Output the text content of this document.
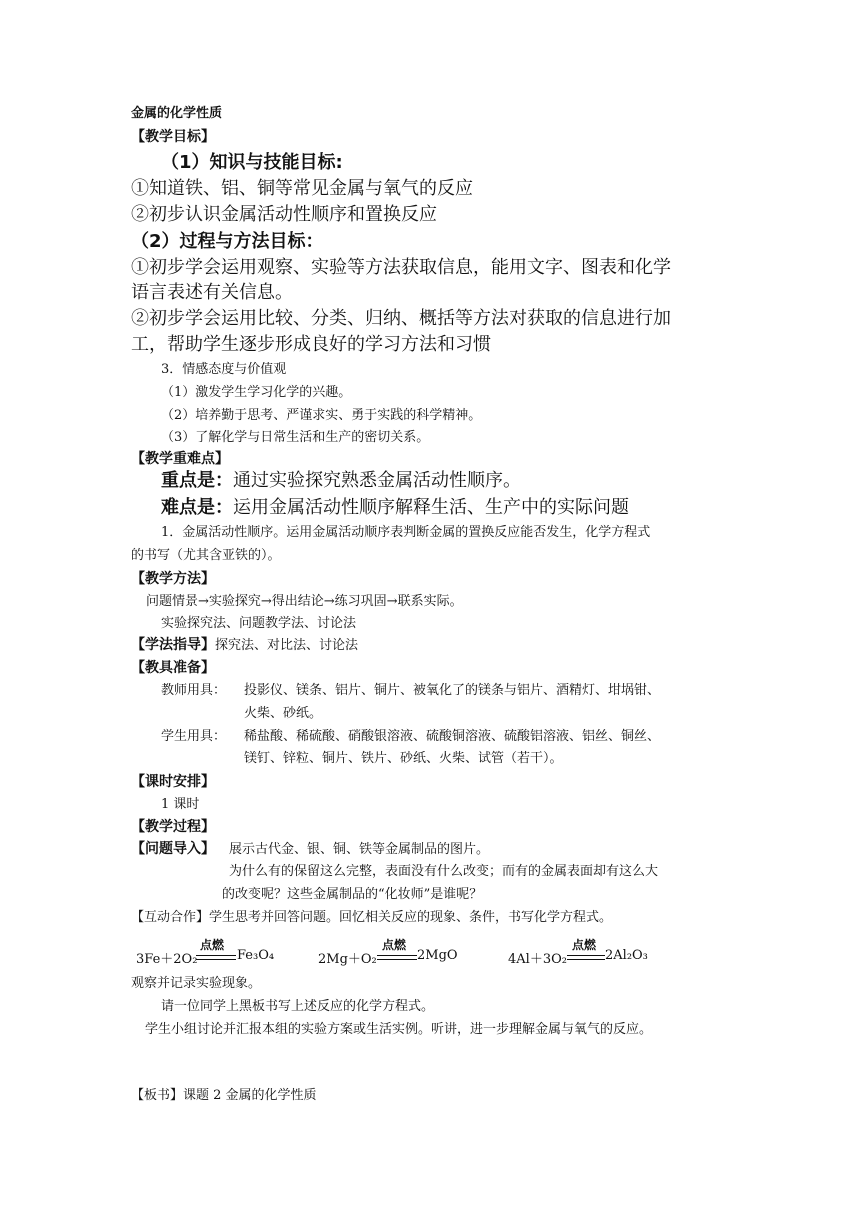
金属的化学性质
【教学目标】
（1）知识与技能目标:
①知道铁、铝、铜等常见金属与氧气的反应
②初步认识金属活动性顺序和置换反应
（2）过程与方法目标：
①初步学会运用观察、实验等方法获取信息，能用文字、图表和化学
语言表述有关信息。
②初步学会运用比较、分类、归纳、概括等方法对获取的信息进行加
工，帮助学生逐步形成良好的学习方法和习惯
3．情感态度与价值观
（1）激发学生学习化学的兴趣。
（2）培养勤于思考、严谨求实、勇于实践的科学精神。
（3）了解化学与日常生活和生产的密切关系。
【教学重难点】
重点是：通过实验探究熟悉金属活动性顺序。
难点是：运用金属活动性顺序解释生活、生产中的实际问题
1．金属活动性顺序。运用金属活动顺序表判断金属的置换反应能否发生，化学方程式
的书写（尤其含亚铁的）。
【教学方法】
问题情景→实验探究→得出结论→练习巩固→联系实际。
实验探究法、问题教学法、讨论法
【学法指导】探究法、对比法、讨论法
【教具准备】
教师用具： 投影仪、镁条、铝片、铜片、被氧化了的镁条与铝片、酒精灯、坩埚钳、
火柴、砂纸。
学生用具： 稀盐酸、稀硫酸、硝酸银溶液、硫酸铜溶液、硫酸铝溶液、铝丝、铜丝、
镁钉、锌粒、铜片、铁片、砂纸、火柴、试管（若干）。
【课时安排】
1 课时
【教学过程】
【问题导入】 展示古代金、银、铜、铁等金属制品的图片。
为什么有的保留这么完整，表面没有什么改变；而有的金属表面却有这么大
的改变呢？这些金属制品的“化妆师”是谁呢？
【互动合作】学生思考并回答问题。回忆相关反应的现象、条件，书写化学方程式。
3Fe＋2O₂
点燃
Fe₃O₄	2Mg＋O₂
点燃
2MgO	4Al＋3O₂
点燃
2Al₂O₃
观察并记录实验现象。
请一位同学上黑板书写上述反应的化学方程式。
学生小组讨论并汇报本组的实验方案或生活实例。听讲，进一步理解金属与氧气的反应。
【板书】课题 2 金属的化学性质
